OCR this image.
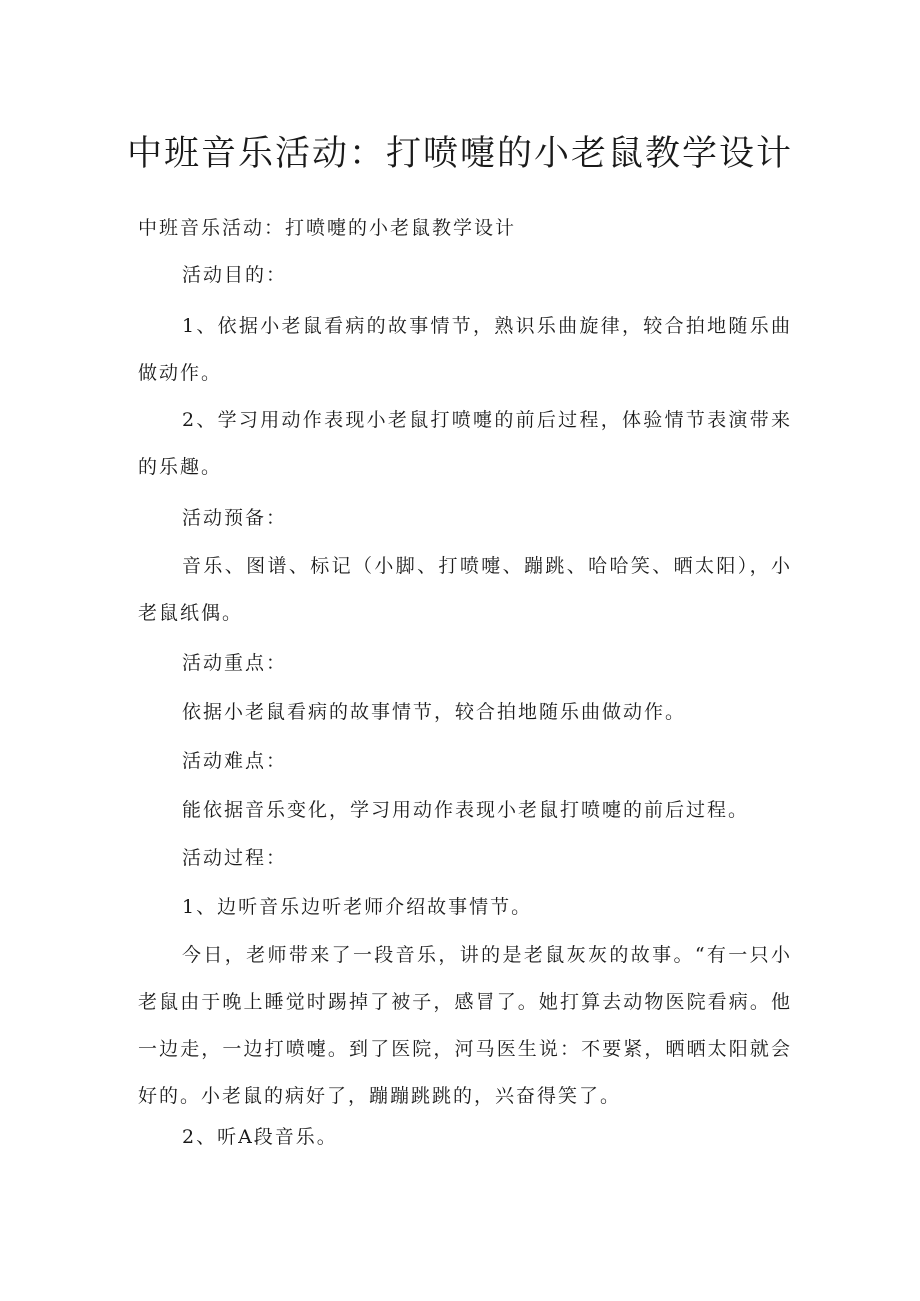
中班音乐活动：打喷嚏的小老鼠教学设计

中班音乐活动：打喷嚏的小老鼠教学设计

活动目的：

1、依据小老鼠看病的故事情节，熟识乐曲旋律，较合拍地随乐曲做动作。

2、学习用动作表现小老鼠打喷嚏的前后过程，体验情节表演带来的乐趣。

活动预备：

音乐、图谱、标记（小脚、打喷嚏、蹦跳、哈哈笑、晒太阳），小老鼠纸偶。

活动重点：

依据小老鼠看病的故事情节，较合拍地随乐曲做动作。

活动难点：

能依据音乐变化，学习用动作表现小老鼠打喷嚏的前后过程。

活动过程：

1、边听音乐边听老师介绍故事情节。

今日，老师带来了一段音乐，讲的是老鼠灰灰的故事。“有一只小老鼠由于晚上睡觉时踢掉了被子，感冒了。她打算去动物医院看病。他一边走，一边打喷嚏。到了医院，河马医生说：不要紧，晒晒太阳就会好的。小老鼠的病好了，蹦蹦跳跳的，兴奋得笑了。

2、听A段音乐。
